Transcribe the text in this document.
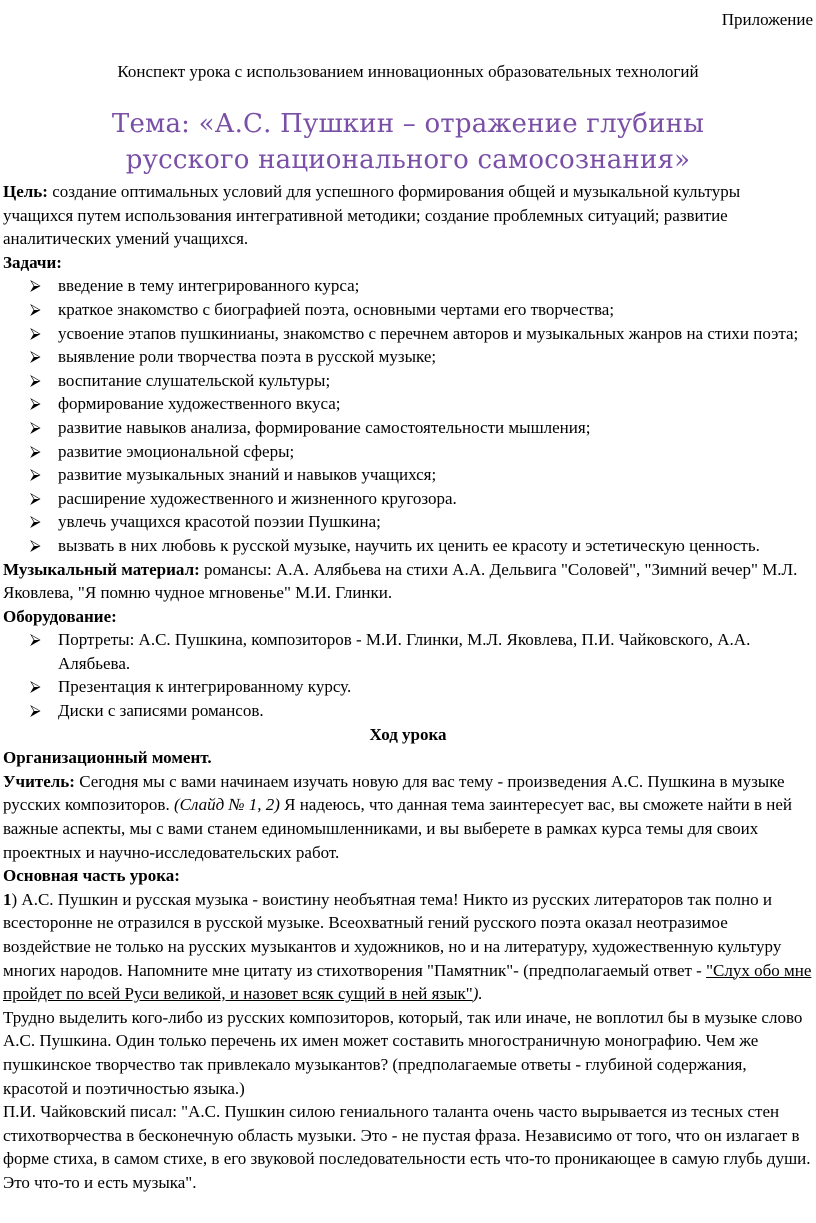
Приложение
Конспект урока с использованием инновационных образовательных технологий
Тема: «А.С. Пушкин – отражение глубины русского национального самосознания»

Цель: создание оптимальных условий для успешного формирования общей и музыкальной культуры учащихся путем использования интегративной методики; создание проблемных ситуаций; развитие аналитических умений учащихся.

Задачи:

⮚ введение в тему интегрированного курса;
⮚ краткое знакомство с биографией поэта, основными чертами его творчества;
⮚ усвоение этапов пушкинианы, знакомство с перечнем авторов и музыкальных жанров на стихи поэта;
⮚ выявление роли творчества поэта в русской музыке;
⮚ воспитание слушательской культуры;
⮚ формирование художественного вкуса;
⮚ развитие навыков анализа, формирование самостоятельности мышления;
⮚ развитие эмоциональной сферы;
⮚ развитие музыкальных знаний и навыков учащихся;
⮚ расширение художественного и жизненного кругозора.
⮚ увлечь учащихся красотой поэзии Пушкина;
⮚ вызвать в них любовь к русской музыке, научить их ценить ее красоту и эстетическую ценность.

Музыкальный материал: романсы: А.А. Алябьева на стихи А.А. Дельвига "Соловей", "Зимний вечер" М.Л. Яковлева, "Я помню чудное мгновенье" М.И. Глинки.

Оборудование:

⮚ Портреты: А.С. Пушкина, композиторов - М.И. Глинки, М.Л. Яковлева, П.И. Чайковского, А.А. Алябьева.
⮚ Презентация к интегрированному курсу.
⮚ Диски с записями романсов.

Ход урока

Организационный момент.

Учитель: Сегодня мы с вами начинаем изучать новую для вас тему - произведения А.С. Пушкина в музыке русских композиторов. (Слайд № 1, 2) Я надеюсь, что данная тема заинтересует вас, вы сможете найти в ней важные аспекты, мы с вами станем единомышленниками, и вы выберете в рамках курса темы для своих проектных и научно-исследовательских работ.

Основная часть урока:

1) А.С. Пушкин и русская музыка - воистину необъятная тема! Никто из русских литераторов так полно и всесторонне не отразился в русской музыке. Всеохватный гений русского поэта оказал неотразимое воздействие не только на русских музыкантов и художников, но и на литературу, художественную культуру многих народов. Напомните мне цитату из стихотворения "Памятник"- (предполагаемый ответ - "Слух обо мне пройдет по всей Руси великой, и назовет всяк сущий в ней язык").

Трудно выделить кого-либо из русских композиторов, который, так или иначе, не воплотил бы в музыке слово А.С. Пушкина. Один только перечень их имен может составить многостраничную монографию. Чем же пушкинское творчество так привлекало музыкантов? (предполагаемые ответы - глубиной содержания, красотой и поэтичностью языка.)

П.И. Чайковский писал: "А.С. Пушкин силою гениального таланта очень часто вырывается из тесных стен стихотворчества в бесконечную область музыки. Это - не пустая фраза. Независимо от того, что он излагает в форме стиха, в самом стихе, в его звуковой последовательности есть что-то проникающее в самую глубь души. Это что-то и есть музыка".
